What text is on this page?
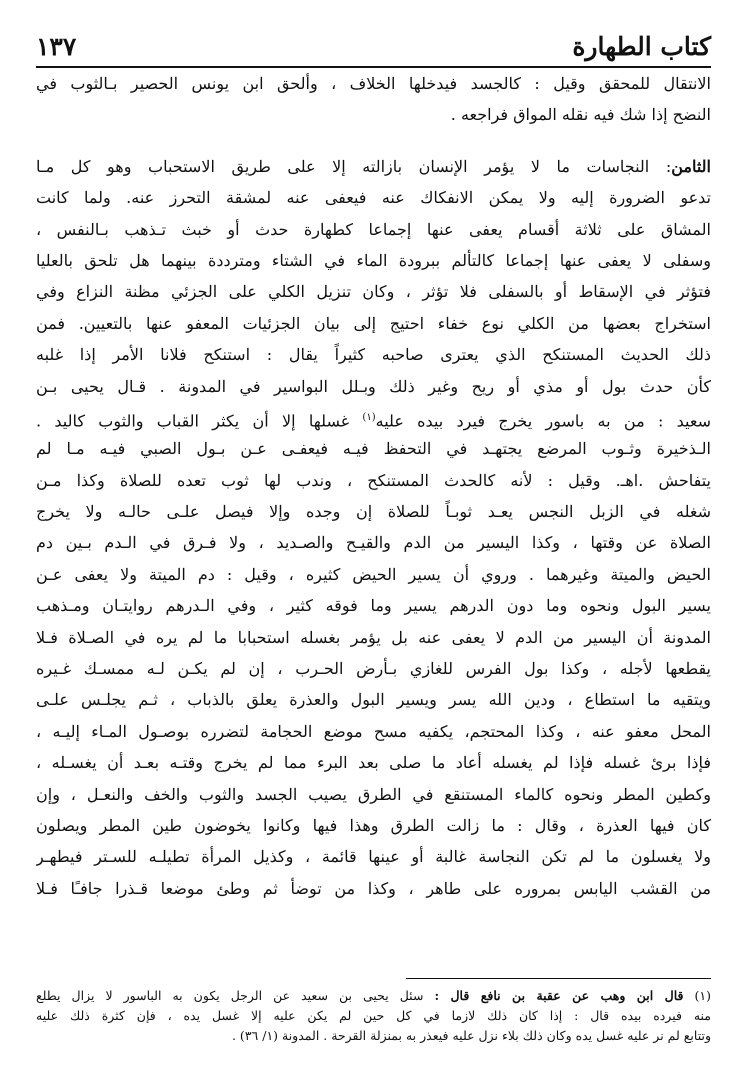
كتاب الطهارة
١٣٧
الانتقال للمحقق وقيل : كالجسد فيدخلها الخلاف ، وألحق ابن يونس الحصير بـالثوب في
النضح إذا شك فيه نقله المواق فراجعه .
الثامن: النجاسات ما لا يؤمر الإنسان بازالته إلا على طريق الاستحباب وهو كل مـا
تدعو الضرورة إليه ولا يمكن الانفكاك عنه فيعفى عنه لمشقة التحرز عنه. ولما كانت
المشاق على ثلاثة أقسام يعفى عنها إجماعا كطهارة حدث أو خبث تـذهب بـالنفس ،
وسفلى لا يعفى عنها إجماعا كالتألم ببرودة الماء في الشتاء ومترددة بينهما هل تلحق بالعليا
فتؤثر في الإسقاط أو بالسفلى فلا تؤثر ، وكان تنزيل الكلي على الجزئي مظنة النزاع وفي
استخراج بعضها من الكلي نوع خفاء احتيج إلى بيان الجزئيات المعفو عنها بالتعيين. فمن
ذلك الحديث المستنكح الذي يعترى صاحبه كثيراً يقال : استنكح فلانا الأمر إذا غلبه
كأن حدث بول أو مذي أو ريح وغير ذلك وبـلل البواسير في المدونة . قـال يحيى بـن
سعيد : من به باسور يخرج فيرد بيده عليه$^{(١)}$ غسلها إلا أن يكثر القباب والثوب كاليد .
الـذخيرة وثـوب المرضع يجتهـد في التحفظ فيـه فيعفـى عـن بـول الصبي فيـه مـا لم
يتفاحش .اهـ. وقيل : لأنه كالحدث المستنكح ، وندب لها ثوب تعده للصلاة وكذا مـن
شغله في الزبل النجس يعـد ثوبـاً للصلاة إن وجده وإلا فيصل علـى حالـه ولا يخرج
الصلاة عن وقتها ، وكذا اليسير من الدم والقيـح والصـديد ، ولا فـرق في الـدم بـين دم
الحيض والميتة وغيرهما . وروي أن يسير الحيض كثيره ، وقيل : دم الميتة ولا يعفى عـن
يسير البول ونحوه وما دون الدرهم يسير وما فوقه كثير ، وفي الـدرهم روايتـان ومـذهب
المدونة أن اليسير من الدم لا يعفى عنه بل يؤمر بغسله استحبابا ما لم يره في الصـلاة فـلا
يقطعها لأجله ، وكذا بول الفرس للغازي بـأرض الحـرب ، إن لم يكـن لـه ممسـك غـيره
ويتقيه ما استطاع ، ودين الله يسر ويسير البول والعذرة يعلق بالذباب ، ثـم يجلـس علـى
المحل معفو عنه ، وكذا المحتجم، يكفيه مسح موضع الحجامة لتضرره بوصـول المـاء إليـه ،
فإذا برئ غسله فإذا لم يغسله أعاد ما صلى بعد البرء مما لم يخرج وقتـه بعـد أن يغسـله ،
وكطين المطر ونحوه كالماء المستنقع في الطرق يصيب الجسد والثوب والخف والنعـل ، وإن
كان فيها العذرة ، وقال : ما زالت الطرق وهذا فيها وكانوا يخوضون طين المطر ويصلون
ولا يغسلون ما لم تكن النجاسة غالبة أو عينها قائمة ، وكذيل المرأة تطيلـه للسـتر فيطهـر
من القشب اليابس بمروره على طاهر ، وكذا من توضأ ثم وطئ موضعا قـذرا جافـًا فـلا
(١) قال ابن وهب عن عقبة بن نافع قال : سئل يحيى بن سعيد عن الرجل يكون به الباسور لا يزال يطلع
منه فيرده بيده قال : إذا كان ذلك لازما في كل حين لم يكن عليه إلا غسل يده ، فإن كثرة ذلك عليه
وتتابع لم نر عليه غسل يده وكان ذلك بلاء نزل عليه فيعذر به بمنزلة القرحة . المدونة (١/ ٣٦) .
